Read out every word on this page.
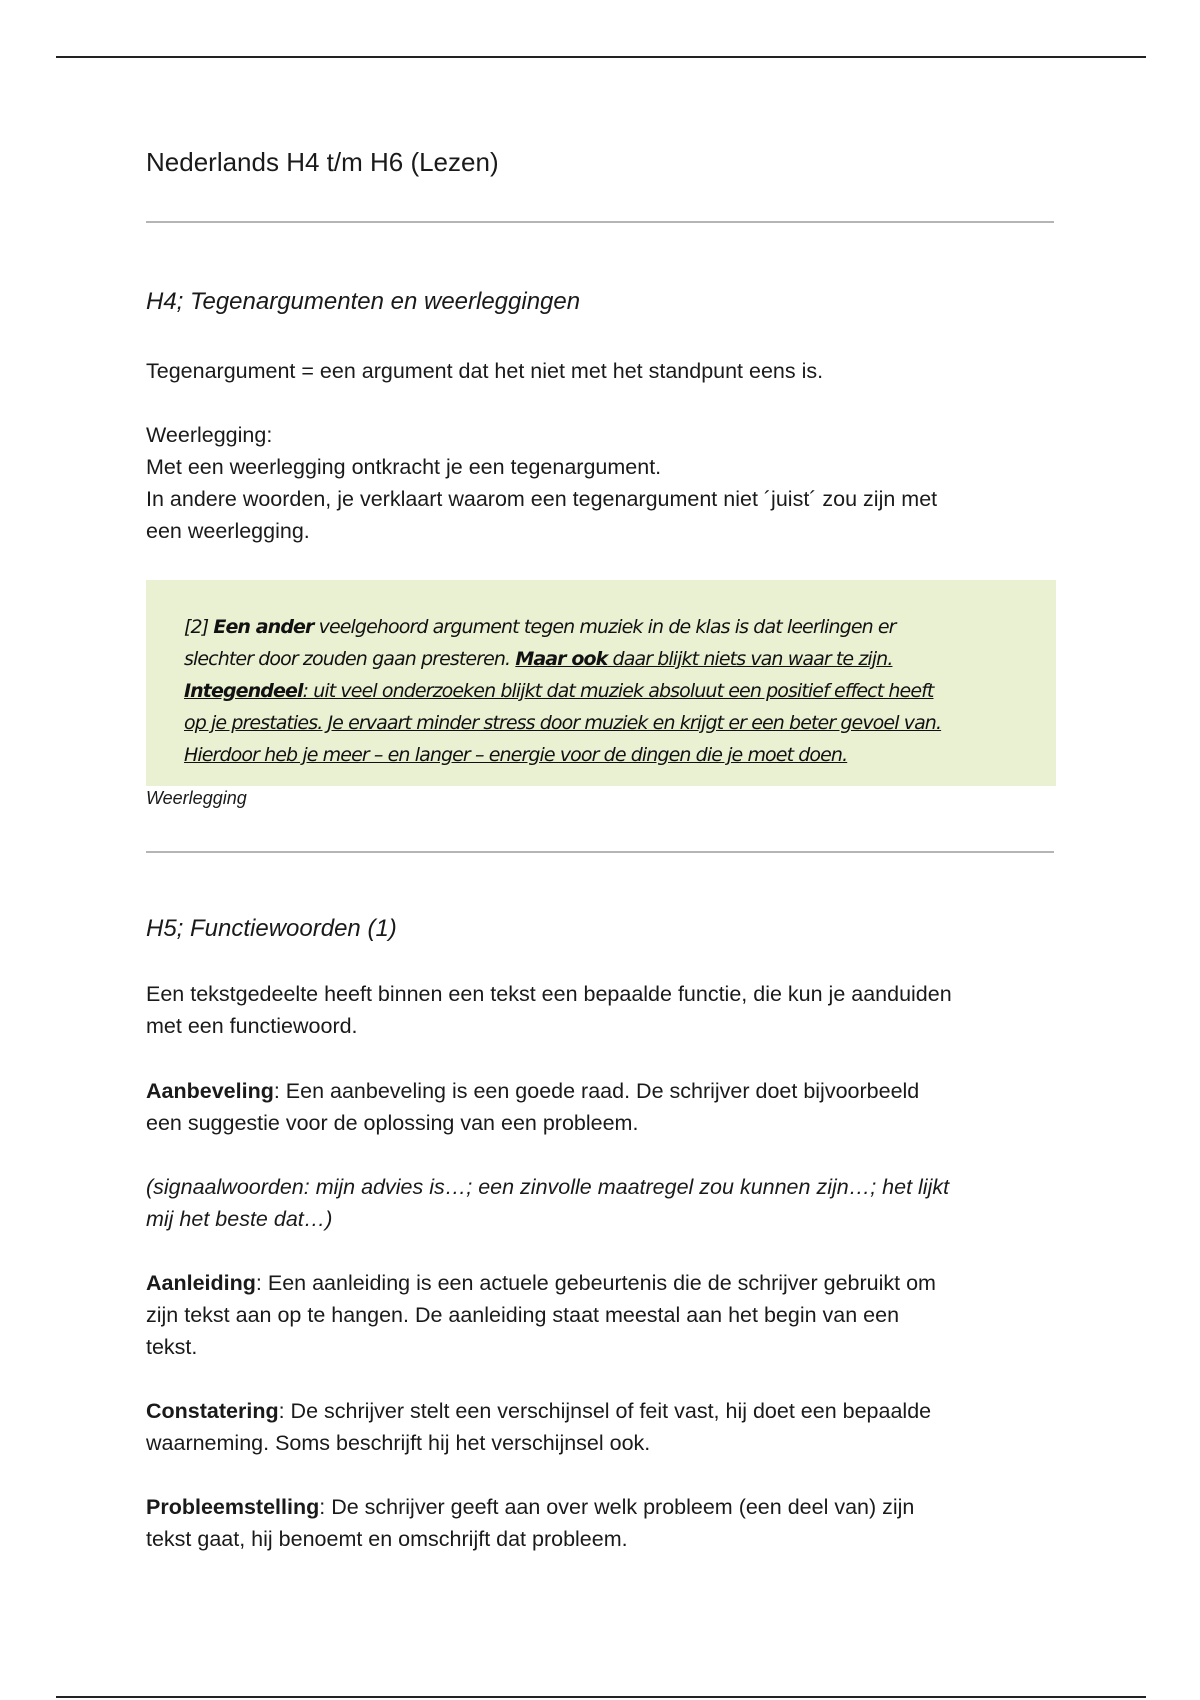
Nederlands H4 t/m H6 (Lezen)
H4; Tegenargumenten en weerleggingen

Tegenargument = een argument dat het niet met het standpunt eens is.

Weerlegging:
Met een weerlegging ontkracht je een tegenargument.
In andere woorden, je verklaart waarom een tegenargument niet ´juist´ zou zijn met
een weerlegging.

[2] Een ander veelgehoord argument tegen muziek in de klas is dat leerlingen er
slechter door zouden gaan presteren. Maar ook daar blijkt niets van waar te zijn.
Integendeel: uit veel onderzoeken blijkt dat muziek absoluut een positief effect heeft
op je prestaties. Je ervaart minder stress door muziek en krijgt er een beter gevoel van.
Hierdoor heb je meer – en langer – energie voor de dingen die je moet doen.

Weerlegging

H5; Functiewoorden (1)

Een tekstgedeelte heeft binnen een tekst een bepaalde functie, die kun je aanduiden
met een functiewoord.

Aanbeveling: Een aanbeveling is een goede raad. De schrijver doet bijvoorbeeld
een suggestie voor de oplossing van een probleem.

(signaalwoorden: mijn advies is…; een zinvolle maatregel zou kunnen zijn…; het lijkt
mij het beste dat…)

Aanleiding: Een aanleiding is een actuele gebeurtenis die de schrijver gebruikt om
zijn tekst aan op te hangen. De aanleiding staat meestal aan het begin van een
tekst.

Constatering: De schrijver stelt een verschijnsel of feit vast, hij doet een bepaalde
waarneming. Soms beschrijft hij het verschijnsel ook.

Probleemstelling: De schrijver geeft aan over welk probleem (een deel van) zijn
tekst gaat, hij benoemt en omschrijft dat probleem.
